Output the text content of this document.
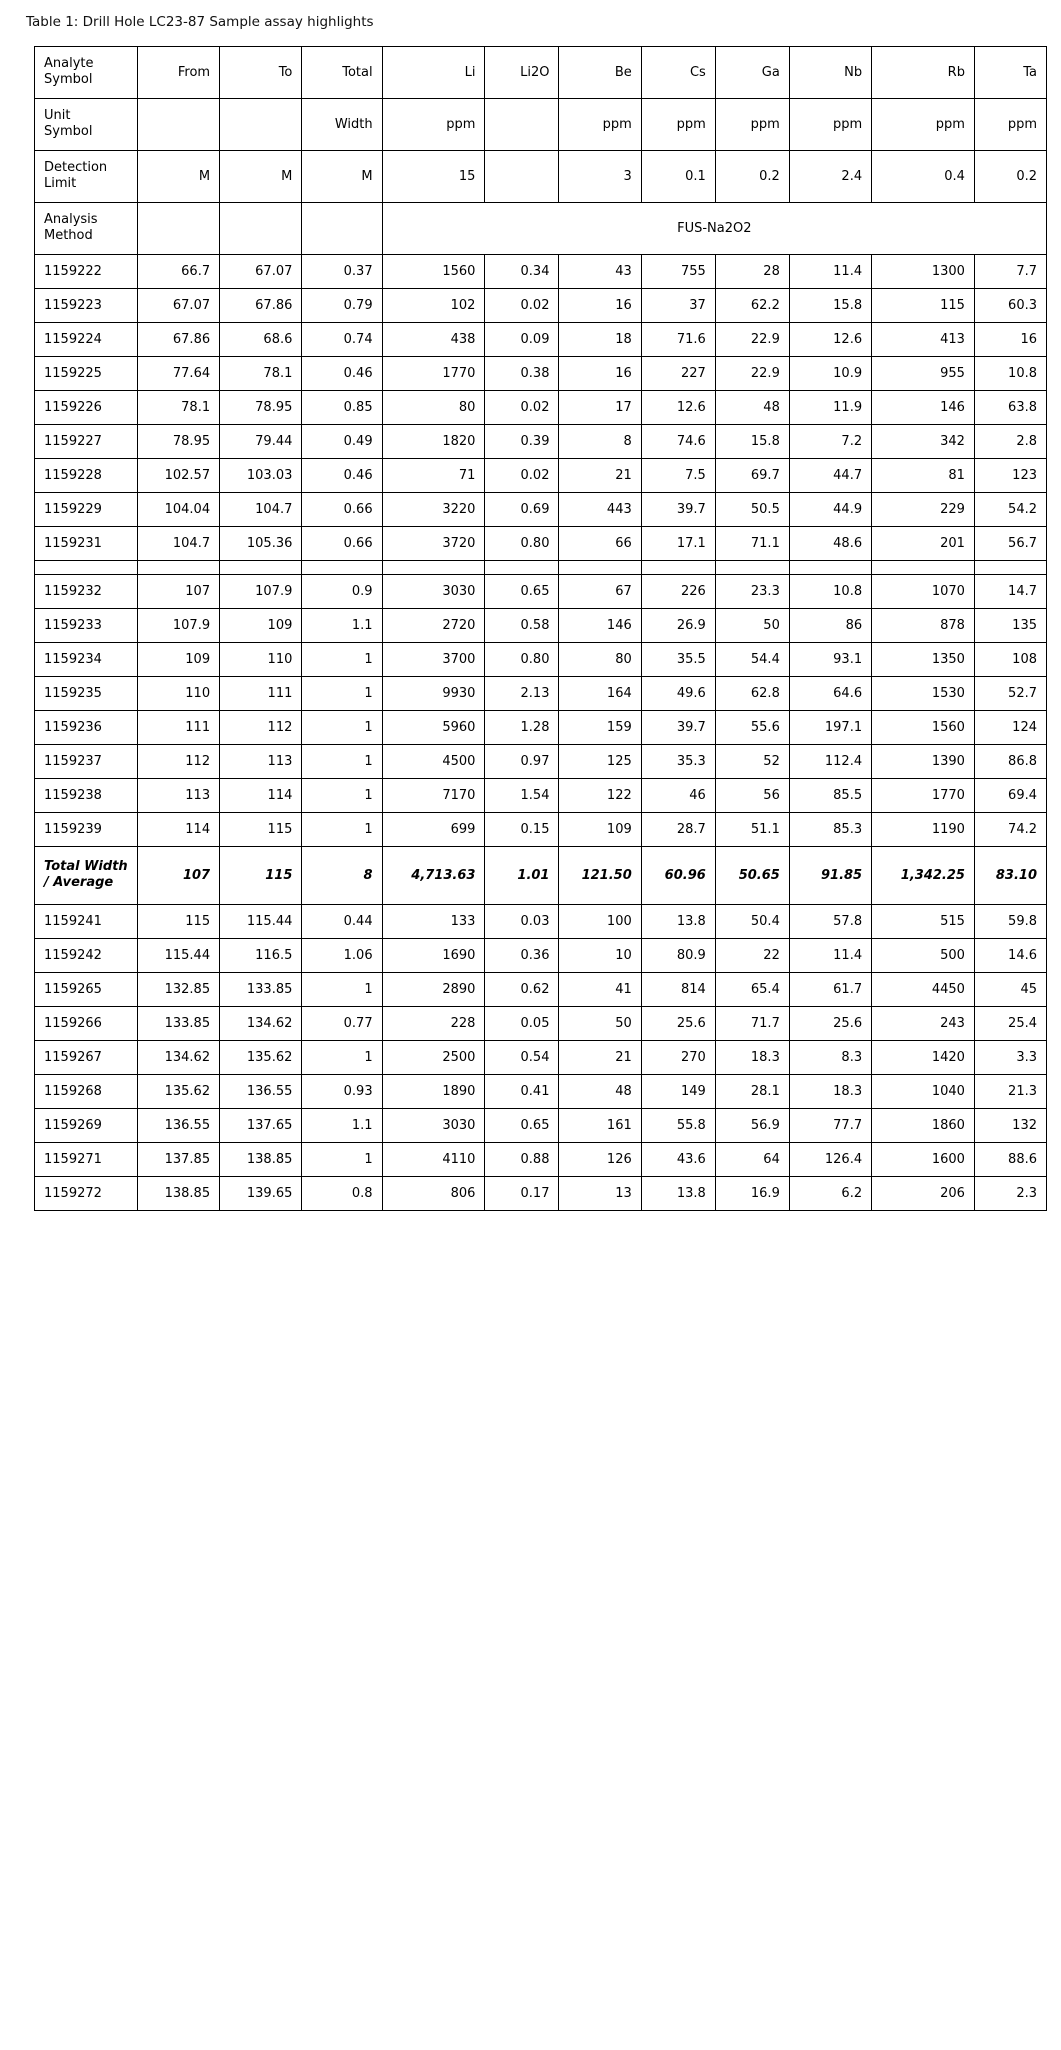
Table 1: Drill Hole LC23-87 Sample assay highlights
Analyte
Symbol	From	To	Total	Li	Li2O	Be	Cs	Ga	Nb	Rb	Ta
Unit
Symbol			Width	ppm		ppm	ppm	ppm	ppm	ppm	ppm
Detection
Limit	M	M	M	15		3	0.1	0.2	2.4	0.4	0.2
Analysis
Method				FUS-Na2O2							
1159222	66.7	67.07	0.37	1560	0.34	43	755	28	11.4	1300	7.7
1159223	67.07	67.86	0.79	102	0.02	16	37	62.2	15.8	115	60.3
1159224	67.86	68.6	0.74	438	0.09	18	71.6	22.9	12.6	413	16
1159225	77.64	78.1	0.46	1770	0.38	16	227	22.9	10.9	955	10.8
1159226	78.1	78.95	0.85	80	0.02	17	12.6	48	11.9	146	63.8
1159227	78.95	79.44	0.49	1820	0.39	8	74.6	15.8	7.2	342	2.8
1159228	102.57	103.03	0.46	71	0.02	21	7.5	69.7	44.7	81	123
1159229	104.04	104.7	0.66	3220	0.69	443	39.7	50.5	44.9	229	54.2
1159231	104.7	105.36	0.66	3720	0.80	66	17.1	71.1	48.6	201	56.7

1159232	107	107.9	0.9	3030	0.65	67	226	23.3	10.8	1070	14.7
1159233	107.9	109	1.1	2720	0.58	146	26.9	50	86	878	135
1159234	109	110	1	3700	0.80	80	35.5	54.4	93.1	1350	108
1159235	110	111	1	9930	2.13	164	49.6	62.8	64.6	1530	52.7
1159236	111	112	1	5960	1.28	159	39.7	55.6	197.1	1560	124
1159237	112	113	1	4500	0.97	125	35.3	52	112.4	1390	86.8
1159238	113	114	1	7170	1.54	122	46	56	85.5	1770	69.4
1159239	114	115	1	699	0.15	109	28.7	51.1	85.3	1190	74.2
Total Width / Average	107	115	8	4,713.63	1.01	121.50	60.96	50.65	91.85	1,342.25	83.10
1159241	115	115.44	0.44	133	0.03	100	13.8	50.4	57.8	515	59.8
1159242	115.44	116.5	1.06	1690	0.36	10	80.9	22	11.4	500	14.6
1159265	132.85	133.85	1	2890	0.62	41	814	65.4	61.7	4450	45
1159266	133.85	134.62	0.77	228	0.05	50	25.6	71.7	25.6	243	25.4
1159267	134.62	135.62	1	2500	0.54	21	270	18.3	8.3	1420	3.3
1159268	135.62	136.55	0.93	1890	0.41	48	149	28.1	18.3	1040	21.3
1159269	136.55	137.65	1.1	3030	0.65	161	55.8	56.9	77.7	1860	132
1159271	137.85	138.85	1	4110	0.88	126	43.6	64	126.4	1600	88.6
1159272	138.85	139.65	0.8	806	0.17	13	13.8	16.9	6.2	206	2.3
